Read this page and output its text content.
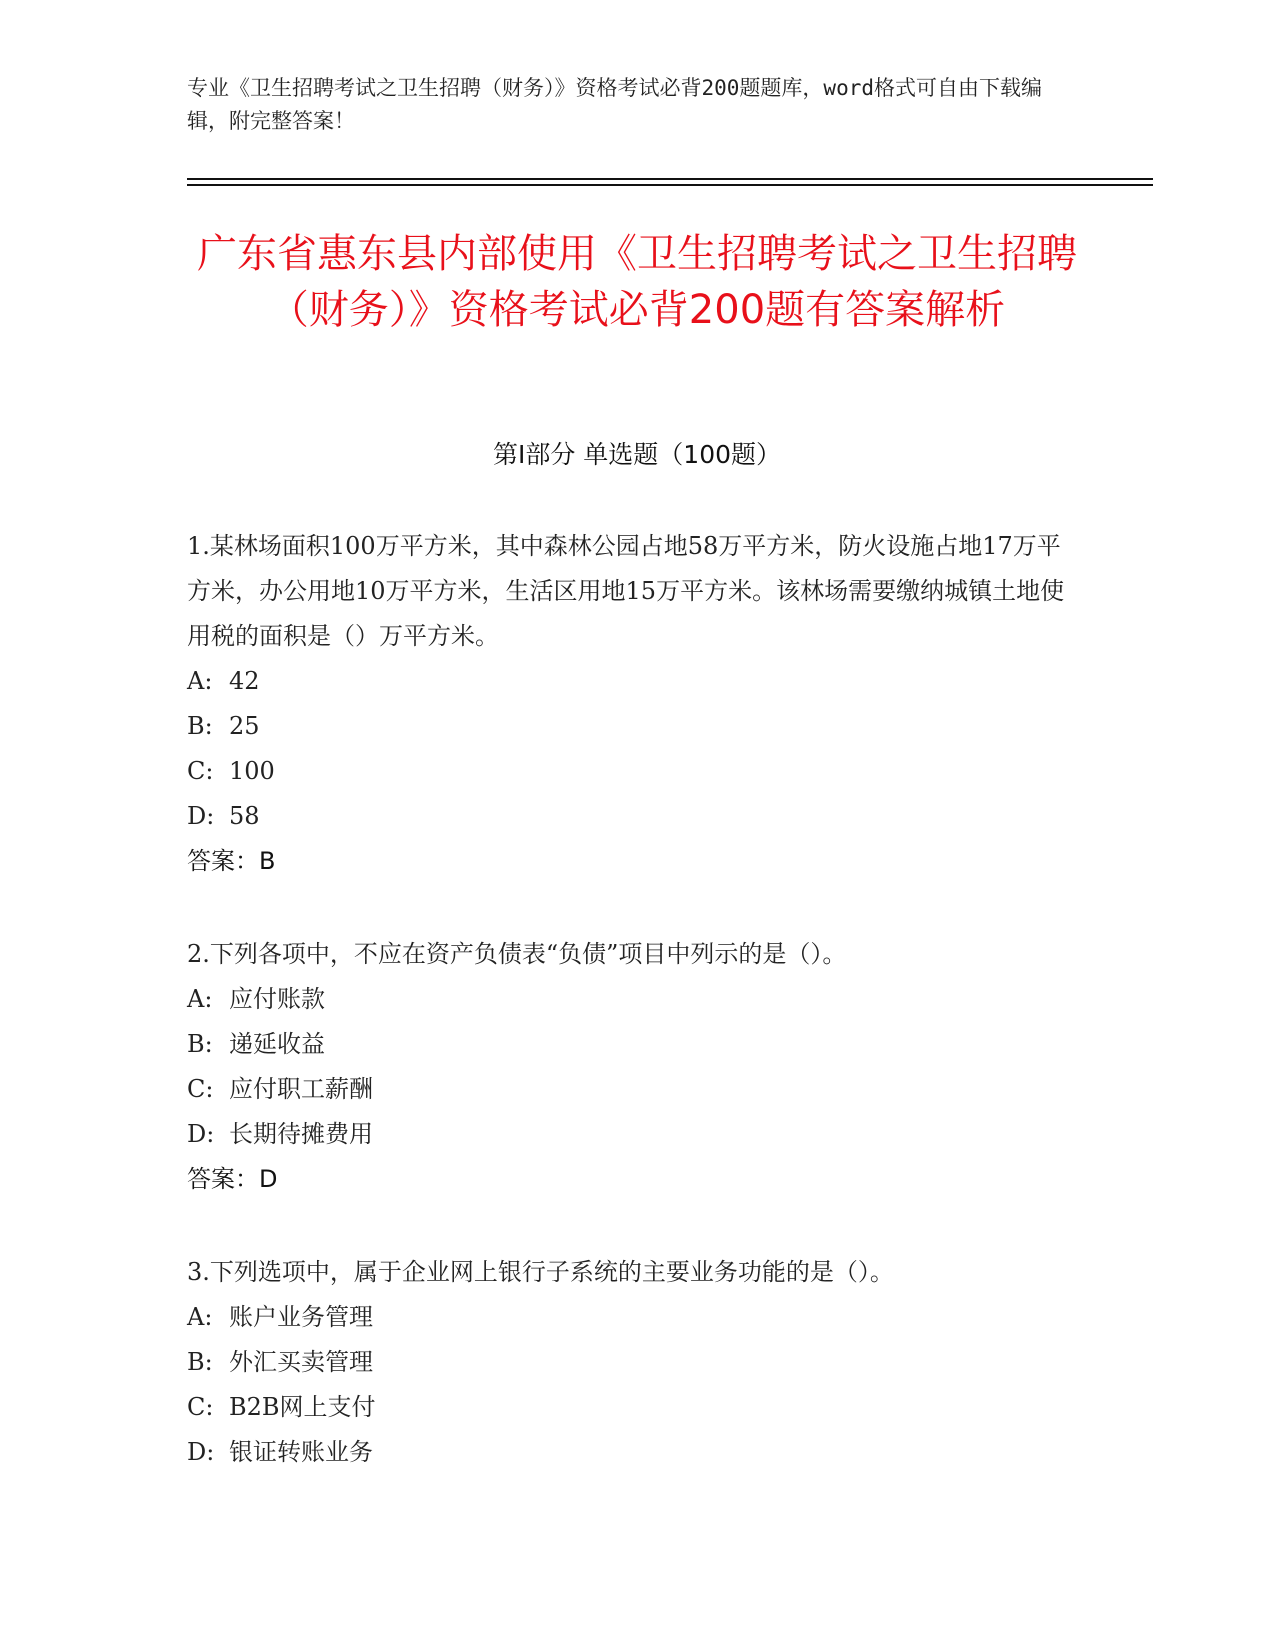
专业《卫生招聘考试之卫生招聘（财务）》资格考试必背200题题库，word格式可自由下载编辑，附完整答案！
广东省惠东县内部使用《卫生招聘考试之卫生招聘（财务）》资格考试必背200题有答案解析
第I部分 单选题（100题）

1.某林场面积100万平方米，其中森林公园占地58万平方米，防火设施占地17万平方米，办公用地10万平方米，生活区用地15万平方米。该林场需要缴纳城镇土地使用税的面积是（）万平方米。

A: 42
B: 25
C: 100
D: 58
答案：B

2.下列各项中，不应在资产负债表“负债”项目中列示的是（）。

A: 应付账款
B: 递延收益
C: 应付职工薪酬
D: 长期待摊费用
答案：D

3.下列选项中，属于企业网上银行子系统的主要业务功能的是（）。

A: 账户业务管理
B: 外汇买卖管理
C: B2B网上支付
D: 银证转账业务
